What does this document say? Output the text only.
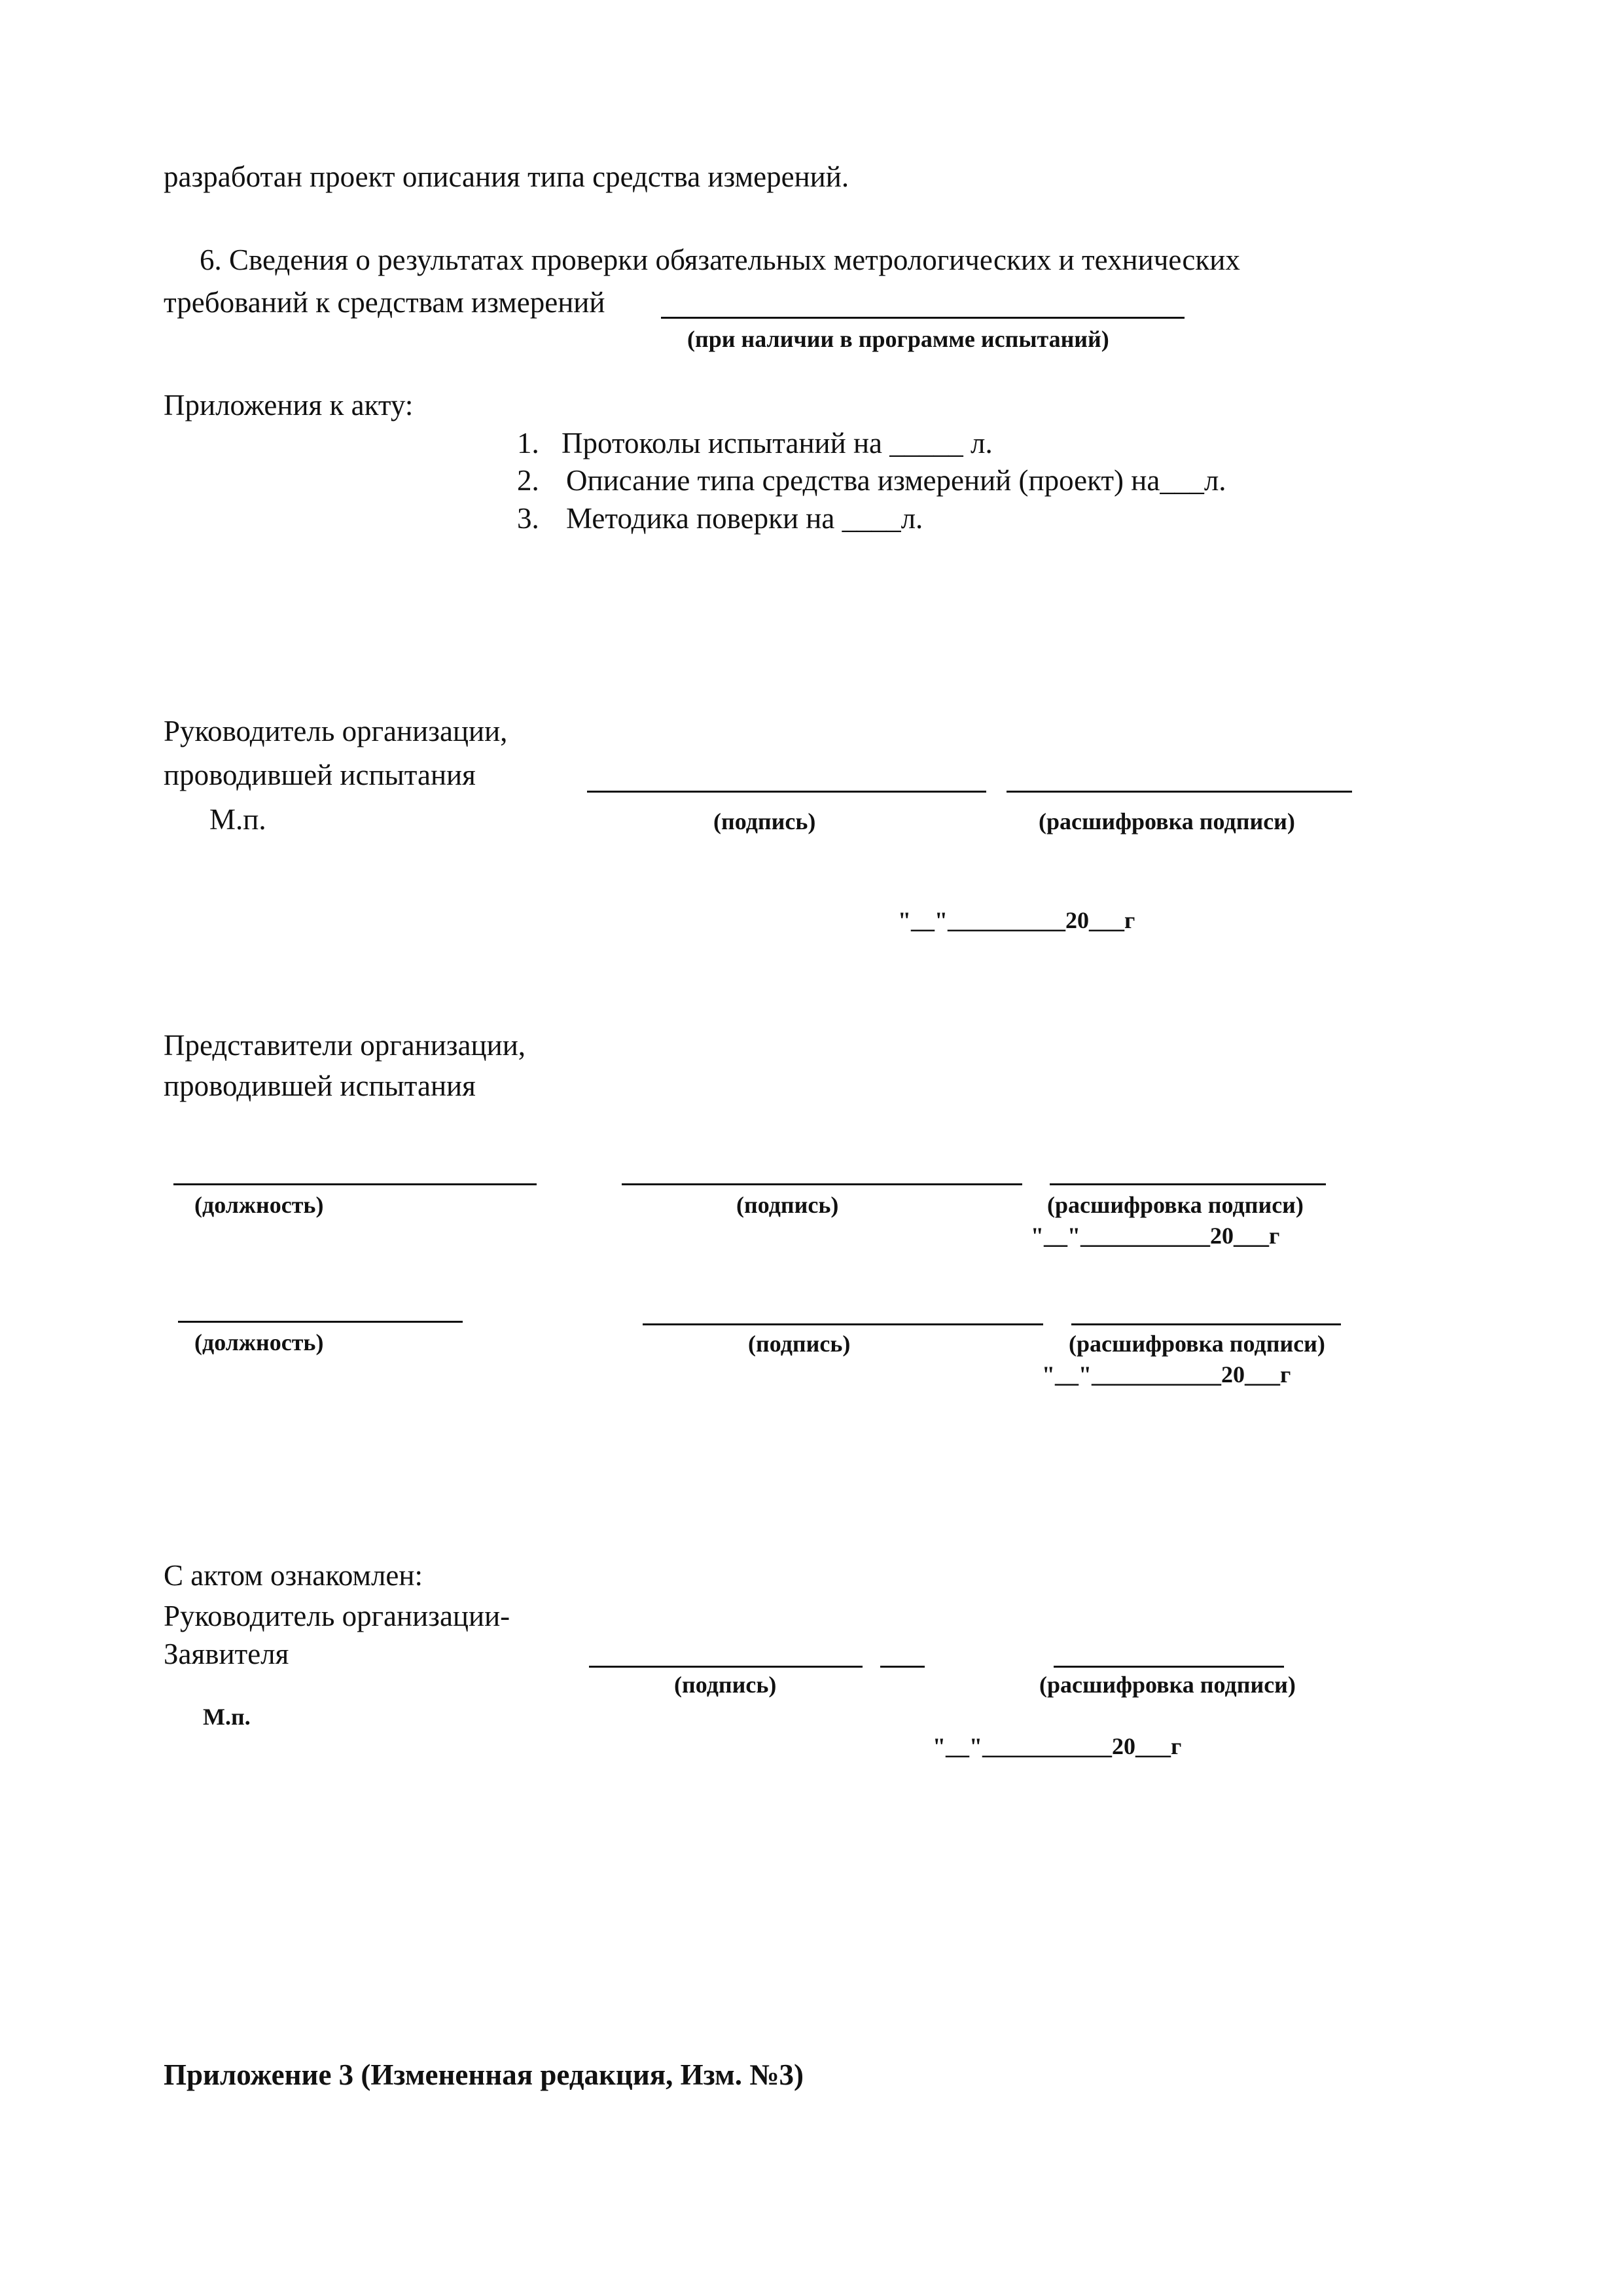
разработан проект описания типа средства измерений.
6. Сведения о результатах проверки обязательных метрологических и технических
требований к средствам измерений
(при наличии в программе испытаний)
Приложения к акту:
1. Протоколы испытаний на _____ л.
2. Описание типа средства измерений (проект) на___л.
3. Методика поверки на ____л.
Руководитель организации,
проводившей испытания
М.п.	(подпись)	(расшифровка подписи)
"__"__________20___г
Представители организации,
проводившей испытания
(должность)	(подпись)	(расшифровка подписи)
"__"___________20___г
(должность)	(подпись)	(расшифровка подписи)
"__"___________20___г
С актом ознакомлен:
Руководитель организации-
Заявителя
(подпись)	(расшифровка подписи)
М.п.
"__"___________20___г
Приложение 3 (Измененная редакция, Изм. №3)
